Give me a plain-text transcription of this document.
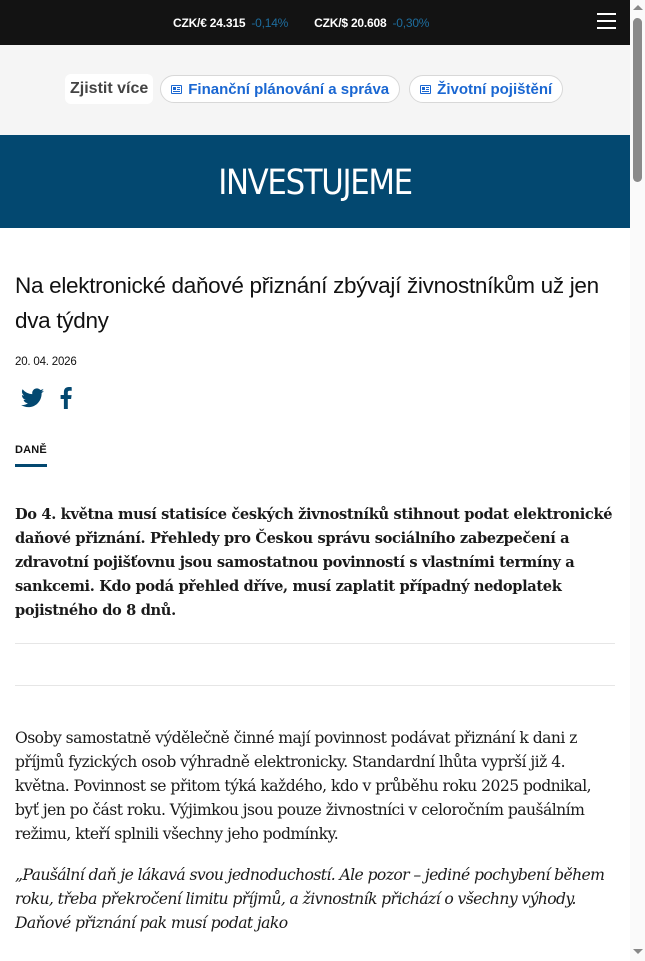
CZK/€ 24.315 -0,14% CZK/$ 20.608 -0,30%
Zjistit více	Finanční plánování a správa	Životní pojištění
INVESTUJEME
Na elektronické daňové přiznání zbývají živnostníkům už jen dva týdny
20. 04. 2026
DANĚ

Do 4. května musí statisíce českých živnostníků stihnout podat elektronické daňové přiznání. Přehledy pro Českou správu sociálního zabezpečení a zdravotní pojišťovnu jsou samostatnou povinností s vlastními termíny a sankcemi. Kdo podá přehled dříve, musí zaplatit případný nedoplatek pojistného do 8 dnů.

Osoby samostatně výdělečně činné mají povinnost podávat přiznání k dani z příjmů fyzických osob výhradně elektronicky. Standardní lhůta vyprší již 4. května. Povinnost se přitom týká každého, kdo v průběhu roku 2025 podnikal, byť jen po část roku. Výjimkou jsou pouze živnostníci v celoročním paušálním režimu, kteří splnili všechny jeho podmínky.

„Paušální daň je lákavá svou jednoduchostí. Ale pozor – jediné pochybení během roku, třeba překročení limitu příjmů, a živnostník přichází o všechny výhody. Daňové přiznání pak musí podat jako
